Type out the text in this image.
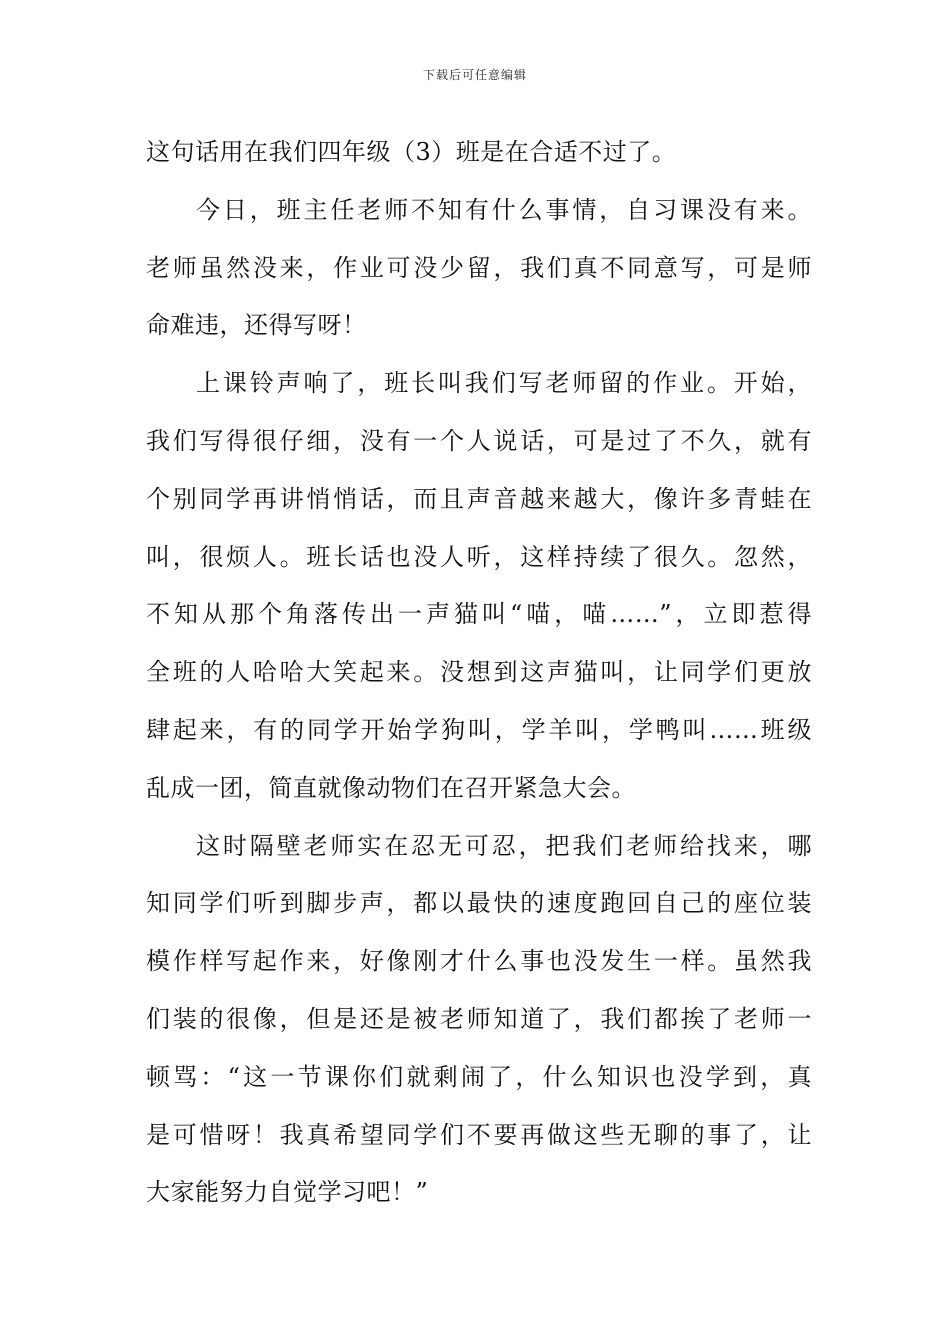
下载后可任意编辑
这句话用在我们四年级（3）班是在合适不过了。
今日，班主任老师不知有什么事情，自习课没有来。
老师虽然没来，作业可没少留，我们真不同意写，可是师
命难违，还得写呀！
上课铃声响了，班长叫我们写老师留的作业。开始，
我们写得很仔细，没有一个人说话，可是过了不久，就有
个别同学再讲悄悄话，而且声音越来越大，像许多青蛙在
叫，很烦人。班长话也没人听，这样持续了很久。忽然，
不知从那个角落传出一声猫叫“喵，喵……”，立即惹得
全班的人哈哈大笑起来。没想到这声猫叫，让同学们更放
肆起来，有的同学开始学狗叫，学羊叫，学鸭叫……班级
乱成一团，简直就像动物们在召开紧急大会。
这时隔壁老师实在忍无可忍，把我们老师给找来，哪
知同学们听到脚步声，都以最快的速度跑回自己的座位装
模作样写起作来，好像刚才什么事也没发生一样。虽然我
们装的很像，但是还是被老师知道了，我们都挨了老师一
顿骂：“这一节课你们就剩闹了，什么知识也没学到，真
是可惜呀！我真希望同学们不要再做这些无聊的事了，让
大家能努力自觉学习吧！”
